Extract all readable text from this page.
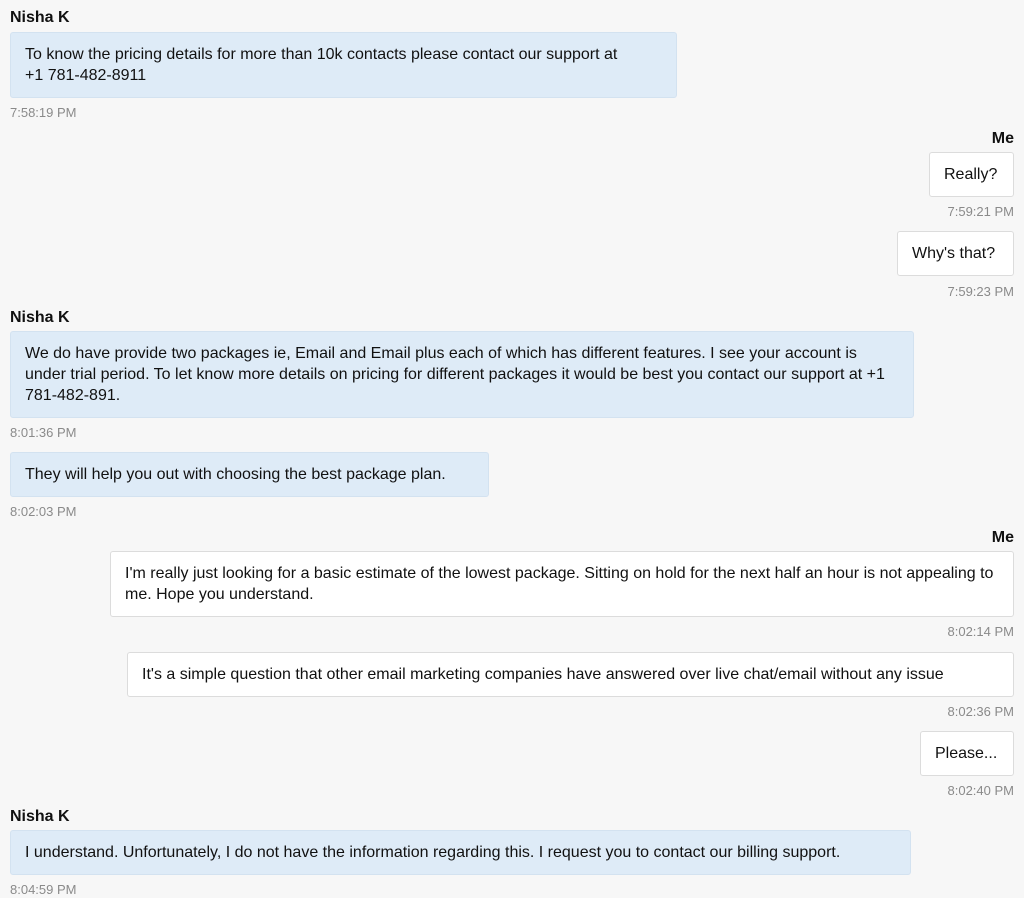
Nisha K
To know the pricing details for more than 10k contacts please contact our support at
+1 781-482-8911
7:58:19 PM
Me
Really?
7:59:21 PM
Why's that?
7:59:23 PM
Nisha K
We do have provide two packages ie, Email and Email plus each of which has different features. I see your account is under trial period. To let know more details on pricing for different packages it would be best you contact our support at +1 781-482-891.
8:01:36 PM
They will help you out with choosing the best package plan.
8:02:03 PM
Me
I'm really just looking for a basic estimate of the lowest package. Sitting on hold for the next half an hour is not appealing to me. Hope you understand.
8:02:14 PM
It's a simple question that other email marketing companies have answered over live chat/email without any issue
8:02:36 PM
Please...
8:02:40 PM
Nisha K
I understand. Unfortunately, I do not have the information regarding this. I request you to contact our billing support.
8:04:59 PM
